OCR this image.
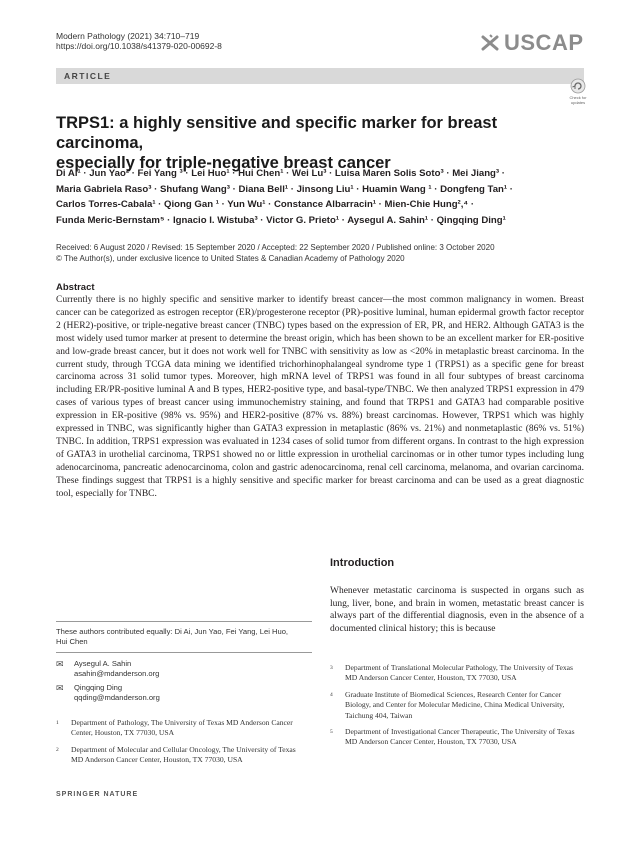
Modern Pathology (2021) 34:710–719
https://doi.org/10.1038/s41379-020-00692-8	USCAP
ARTICLE
Check for updates
TRPS1: a highly sensitive and specific marker for breast carcinoma,
especially for triple-negative breast cancer
Di Ai¹ · Jun Yao² · Fei Yang ³ · Lei Huo¹ · Hui Chen¹ · Wei Lu³ · Luisa Maren Solis Soto³ · Mei Jiang³ ·
Maria Gabriela Raso³ · Shufang Wang³ · Diana Bell¹ · Jinsong Liu¹ · Huamin Wang ¹ · Dongfeng Tan¹ ·
Carlos Torres-Cabala¹ · Qiong Gan ¹ · Yun Wu¹ · Constance Albarracin¹ · Mien-Chie Hung²,⁴ ·
Funda Meric-Bernstam⁵ · Ignacio I. Wistuba³ · Victor G. Prieto¹ · Aysegul A. Sahin¹ · Qingqing Ding¹
Received: 6 August 2020 / Revised: 15 September 2020 / Accepted: 22 September 2020 / Published online: 3 October 2020
© The Author(s), under exclusive licence to United States & Canadian Academy of Pathology 2020
Abstract
Currently there is no highly specific and sensitive marker to identify breast cancer—the most common malignancy in women. Breast cancer can be categorized as estrogen receptor (ER)/progesterone receptor (PR)-positive luminal, human epidermal growth factor receptor 2 (HER2)-positive, or triple-negative breast cancer (TNBC) types based on the expression of ER, PR, and HER2. Although GATA3 is the most widely used tumor marker at present to determine the breast origin, which has been shown to be an excellent marker for ER-positive and low-grade breast cancer, but it does not work well for TNBC with sensitivity as low as <20% in metaplastic breast carcinoma. In the current study, through TCGA data mining we identified trichorhinophalangeal syndrome type 1 (TRPS1) as a specific gene for breast carcinoma across 31 solid tumor types. Moreover, high mRNA level of TRPS1 was found in all four subtypes of breast carcinoma including ER/PR-positive luminal A and B types, HER2-positive type, and basal-type/TNBC. We then analyzed TRPS1 expression in 479 cases of various types of breast cancer using immunochemistry staining, and found that TRPS1 and GATA3 had comparable positive expression in ER-positive (98% vs. 95%) and HER2-positive (87% vs. 88%) breast carcinomas. However, TRPS1 which was highly expressed in TNBC, was significantly higher than GATA3 expression in metaplastic (86% vs. 21%) and nonmetaplastic (86% vs. 51%) TNBC. In addition, TRPS1 expression was evaluated in 1234 cases of solid tumor from different organs. In contrast to the high expression of GATA3 in urothelial carcinoma, TRPS1 showed no or little expression in urothelial carcinomas or in other tumor types including lung adenocarcinoma, pancreatic adenocarcinoma, colon and gastric adenocarcinoma, renal cell carcinoma, melanoma, and ovarian carcinoma. These findings suggest that TRPS1 is a highly sensitive and specific marker for breast carcinoma and can be used as a great diagnostic tool, especially for TNBC.
Introduction
Whenever metastatic carcinoma is suspected in organs such as lung, liver, bone, and brain in women, metastatic breast cancer is always part of the differential diagnosis, even in the absence of a documented clinical history; this is because
These authors contributed equally: Di Ai, Jun Yao, Fei Yang, Lei Huo,
Hui Chen
✉	Aysegul A. Sahin
asahin@mdanderson.org
✉	Qingqing Ding
qqding@mdanderson.org
1	Department of Pathology, The University of Texas MD Anderson Cancer Center, Houston, TX 77030, USA
2	Department of Molecular and Cellular Oncology, The University of Texas MD Anderson Cancer Center, Houston, TX 77030, USA
3	Department of Translational Molecular Pathology, The University of Texas MD Anderson Cancer Center, Houston, TX 77030, USA
4	Graduate Institute of Biomedical Sciences, Research Center for Cancer Biology, and Center for Molecular Medicine, China Medical University, Taichung 404, Taiwan
5	Department of Investigational Cancer Therapeutic, The University of Texas MD Anderson Cancer Center, Houston, TX 77030, USA
SPRINGER NATURE
